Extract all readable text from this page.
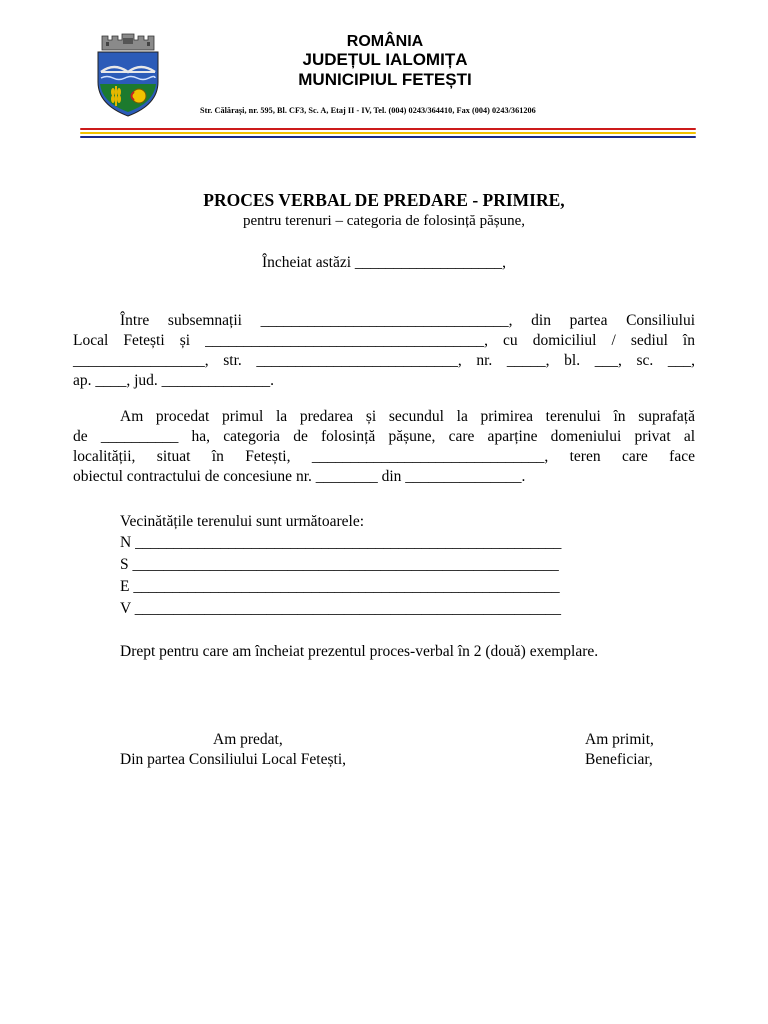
ROMÂNIA
JUDEȚUL IALOMIȚA
MUNICIPIUL FETEȘTI
Str. Călărași, nr. 595, Bl. CF3, Sc. A, Etaj II - IV, Tel. (004) 0243/364410, Fax (004) 0243/361206
PROCES VERBAL DE PREDARE - PRIMIRE,
pentru terenuri – categoria de folosință pășune,
Încheiat astăzi ___________________,
Între subsemnații ________________________________, din partea Consiliului
Local Fetești și ____________________________________, cu domiciliul / sediul în
_________________, str. __________________________, nr. _____, bl. ___, sc. ___,
ap. ____, jud. ______________.
Am procedat primul la predarea și secundul la primirea terenului în suprafață
de __________ ha, categoria de folosință pășune, care aparține domeniului privat al
localității, situat în Fetești, ______________________________, teren care face
obiectul contractului de concesiune nr. ________ din _______________.
Vecinătățile terenului sunt următoarele:
N _______________________________________________________
S _______________________________________________________
E _______________________________________________________
V _______________________________________________________
Drept pentru care am încheiat prezentul proces-verbal în 2 (două) exemplare.
Am predat,
Din partea Consiliului Local Fetești,
Am primit,
Beneficiar,
